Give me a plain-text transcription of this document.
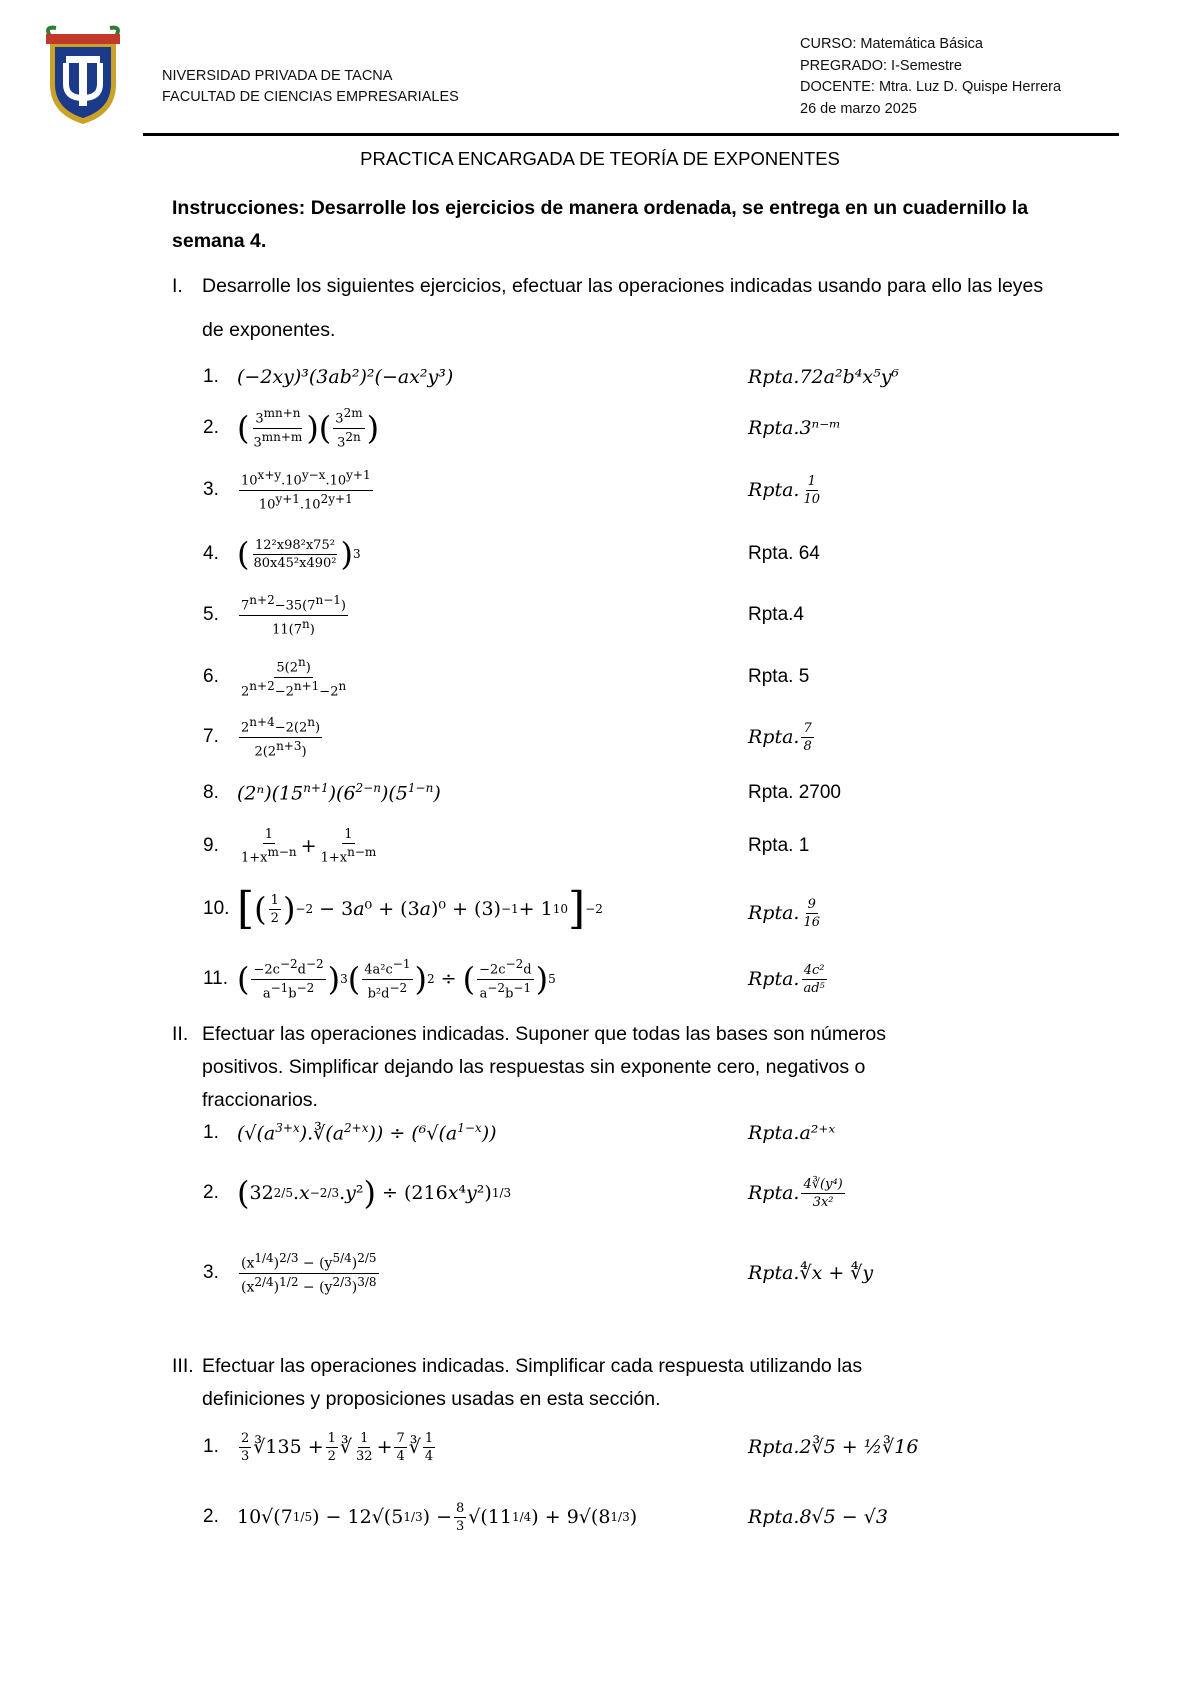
NIVERSIDAD PRIVADA DE TACNA
FACULTAD DE CIENCIAS EMPRESARIALES
CURSO: Matemática Básica
PREGRADO: I-Semestre
DOCENTE: Mtra. Luz D. Quispe Herrera
26 de marzo 2025
PRACTICA ENCARGADA DE TEORÍA DE EXPONENTES
Instrucciones: Desarrolle los ejercicios de manera ordenada, se entrega en un cuadernillo la semana 4.
I. Desarrolle los siguientes ejercicios, efectuar las operaciones indicadas usando para ello las leyes de exponentes.
1. (−2xy)³(3ab²)²(−ax²y³)
2. ( $3^{mn+n}$
$3^{mn+m}$ )( $3^{2m}$
$3^{2n}$ )
3.	$10^{x+y}.10^{y-x}.10^{y+1}$
$10^{y+1}.10^{2y+1}$
4. ( 12²x98²x75²
80x45²x490² ) 3
5.	$7^{n+2}-35(7^{n-1})$
11(7$^n$)
6.	5(2$^n$)
$2^{n+2}-2^{n+1}-2^n$
7.	$2^{n+4}-2(2^n)$
$2(2^{n+3})$
8. $(2^n)(15^{n+1})(6^{2-n})(5^{1-n})$
9.
1
$1+x^{m-n}$ +
1
$1+x^{n-m}$
10. [ ( 1
2 ) −2 − 3 a ⁰ + (3 a )⁰ + (3) −1 + 1 10 ] −2
11. ( $-2c^{-2}d^{-2}$
$a^{-1}b^{-2}$ ) 3 ( $4a^2c^{-1}$
$b^2d^{-2}$ ) 2 ÷ ( $-2c^{-2}d$
$a^{-2}b^{-1}$ ) 5
Rpta.72a²b⁴x⁵y⁶
Rpta.3ⁿ⁻ᵐ
Rpta. 1
10
Rpta. 64
Rpta.4
Rpta. 5
Rpta. 7
8
Rpta. 2700
Rpta. 1
Rpta. 9
16
Rpta. 4c²
ad⁵
II. Efectuar las operaciones indicadas. Suponer que todas las bases son números positivos. Simplificar dejando las respuestas sin exponente cero, negativos o fraccionarios.
1. $(√(a^{3+x}).∛(a^{2+x})) \div (^6√(a^{1-x}))$
2. ( 32 2/5 . x −2/3 . y ² ) ÷ (216 x ⁴ y ²) 1/3
3.	$(x^{1/4})^{2/3} - (y^{5/4})^{2/5}$
$(x^{2/4})^{1/2} - (y^{2/3})^{3/8}$
Rpta.a²⁺ˣ
Rpta. 4∛(y⁴)
3x²
Rpta.∜x + ∜y
III. Efectuar las operaciones indicadas. Simplificar cada respuesta utilizando las definiciones y proposiciones usadas en esta sección.
1.	2
3 ∛135 + 1
2 ∛ 1
32 + 7
4 ∛ 1
4
2. 10√(7 1/5 ) − 12√(5 1/3 ) − 8
3 √(11 1/4 ) + 9√(8 1/3 )
Rpta.2∛5 + ½∛16
Rpta.8√5 − √3
